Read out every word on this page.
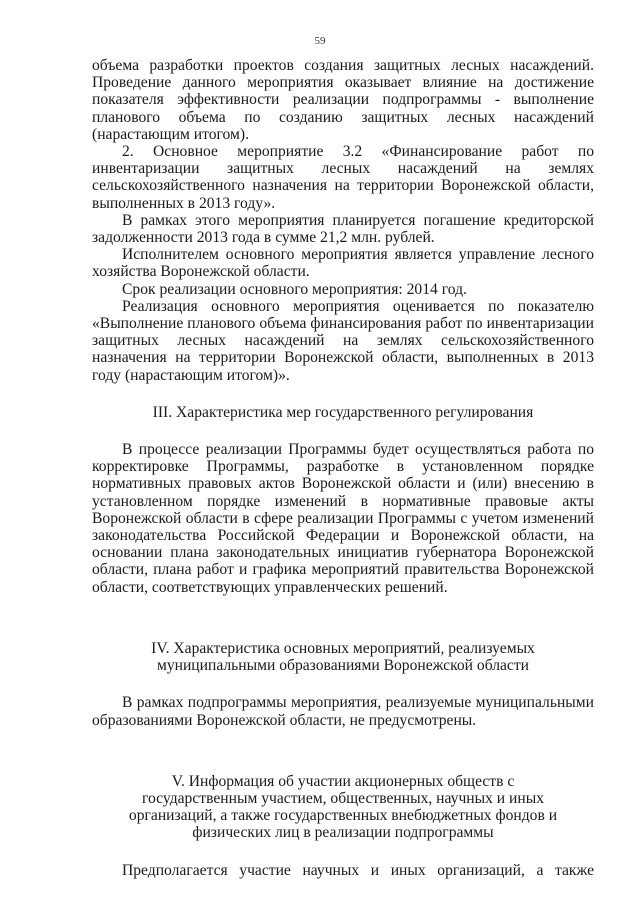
59

объема разработки проектов создания защитных лесных насаждений. Проведение данного мероприятия оказывает влияние на достижение показателя эффективности реализации подпрограммы - выполнение планового объема по созданию защитных лесных насаждений (нарастающим итогом).

2. Основное мероприятие 3.2 «Финансирование работ по инвентаризации защитных лесных насаждений на землях сельскохозяйственного назначения на территории Воронежской области, выполненных в 2013 году».

В рамках этого мероприятия планируется погашение кредиторской задолженности 2013 года в сумме 21,2 млн. рублей.

Исполнителем основного мероприятия является управление лесного хозяйства Воронежской области.

Срок реализации основного мероприятия: 2014 год.

Реализация основного мероприятия оценивается по показателю «Выполнение планового объема финансирования работ по инвентаризации защитных лесных насаждений на землях сельскохозяйственного назначения на территории Воронежской области, выполненных в 2013 году (нарастающим итогом)».

III. Характеристика мер государственного регулирования

В процессе реализации Программы будет осуществляться работа по корректировке Программы, разработке в установленном порядке нормативных правовых актов Воронежской области и (или) внесению в установленном порядке изменений в нормативные правовые акты Воронежской области в сфере реализации Программы с учетом изменений законодательства Российской Федерации и Воронежской области, на основании плана законодательных инициатив губернатора Воронежской области, плана работ и графика мероприятий правительства Воронежской области, соответствующих управленческих решений.

IV. Характеристика основных мероприятий, реализуемых

муниципальными образованиями Воронежской области

В рамках подпрограммы мероприятия, реализуемые муниципальными образованиями Воронежской области, не предусмотрены.

V. Информация об участии акционерных обществ с

государственным участием, общественных, научных и иных

организаций, а также государственных внебюджетных фондов и

физических лиц в реализации подпрограммы

Предполагается участие научных и иных организаций, а также
